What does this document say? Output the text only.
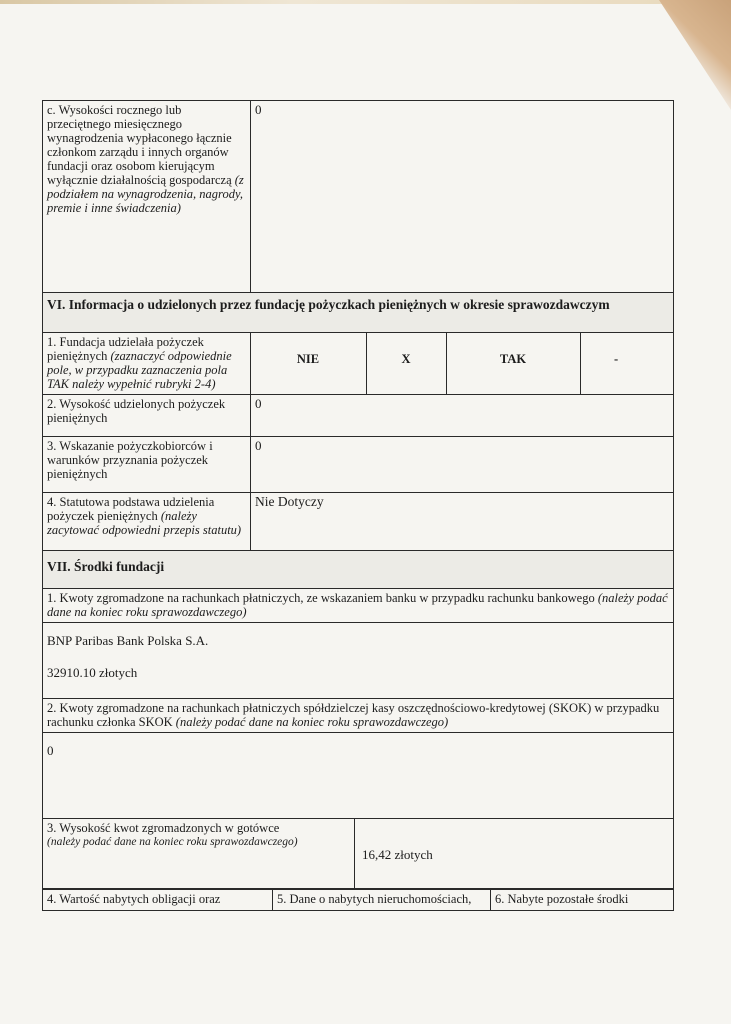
c. Wysokości rocznego lub przeciętnego miesięcznego wynagrodzenia wypłaconego łącznie członkom zarządu i innych organów fundacji oraz osobom kierującym wyłącznie działalnością gospodarczą (z podziałem na wynagrodzenia, nagrody, premie i inne świadczenia)
0
VI. Informacja o udzielonych przez fundację pożyczkach pieniężnych w okresie sprawozdawczym
1. Fundacja udzielała pożyczek pieniężnych (zaznaczyć odpowiednie pole, w przypadku zaznaczenia pola TAK należy wypełnić rubryki 2-4)
NIE	X	TAK	-
2. Wysokość udzielonych pożyczek pieniężnych
0
3. Wskazanie pożyczkobiorców i warunków przyznania pożyczek pieniężnych
0
4. Statutowa podstawa udzielenia pożyczek pieniężnych (należy zacytować odpowiedni przepis statutu)
Nie Dotyczy
VII. Środki fundacji
1. Kwoty zgromadzone na rachunkach płatniczych, ze wskazaniem banku w przypadku rachunku bankowego (należy podać dane na koniec roku sprawozdawczego)
BNP Paribas Bank Polska S.A.
32910.10 złotych
2. Kwoty zgromadzone na rachunkach płatniczych spółdzielczej kasy oszczędnościowo-kredytowej (SKOK) w przypadku rachunku członka SKOK (należy podać dane na koniec roku sprawozdawczego)
0
3. Wysokość kwot zgromadzonych w gotówce
(należy podać dane na koniec roku sprawozdawczego)
16,42 złotych
4. Wartość nabytych obligacji oraz	5. Dane o nabytych nieruchomościach,	6. Nabyte pozostałe środki
